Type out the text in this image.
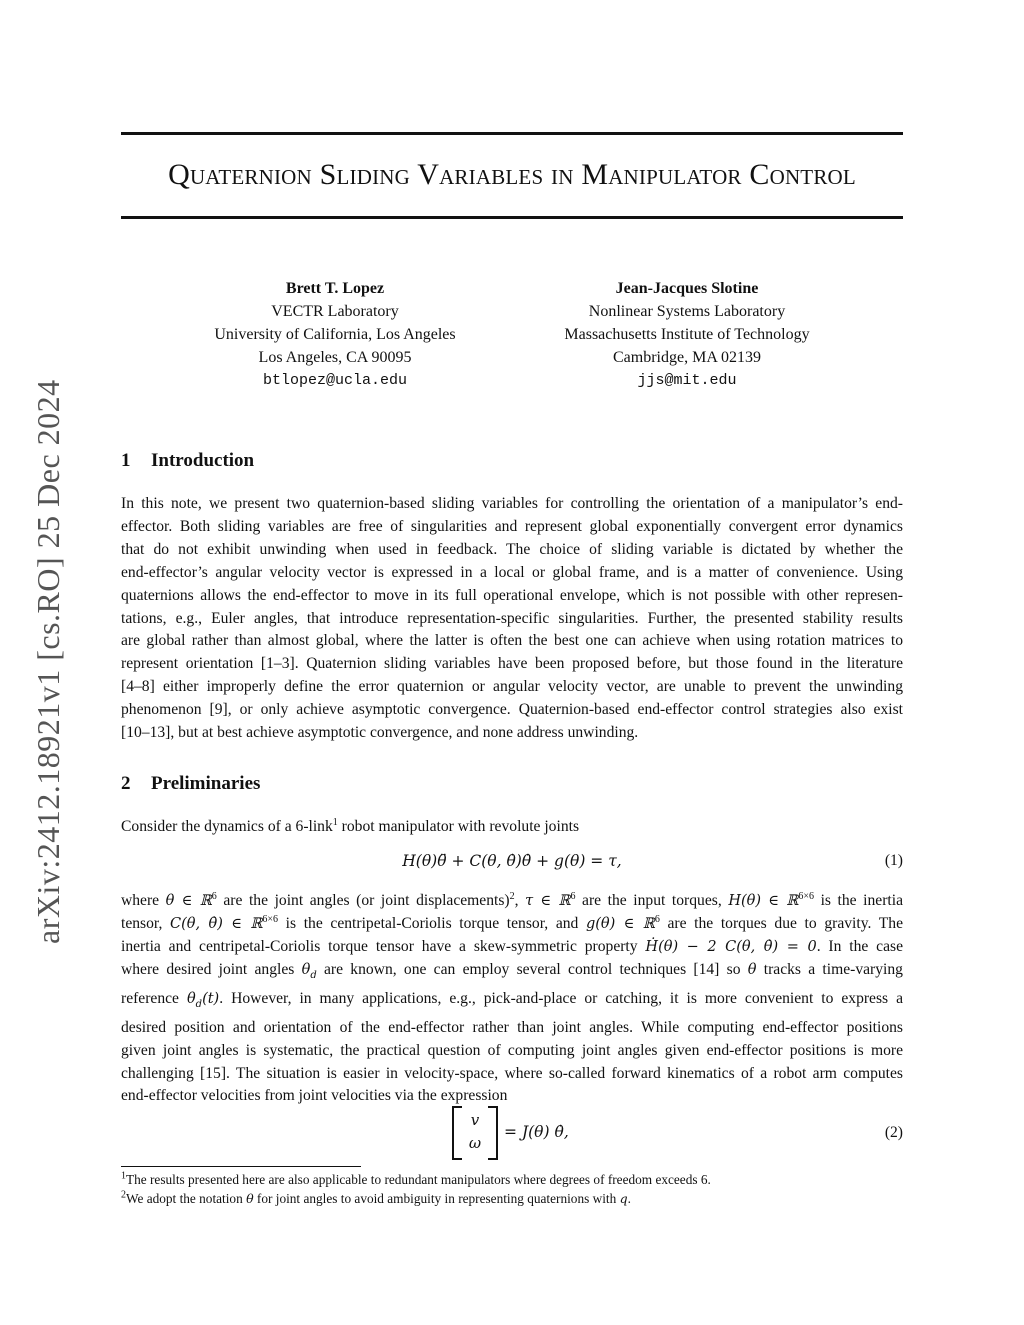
arXiv:2412.18921v1 [cs.RO] 25 Dec 2024
Quaternion Sliding Variables in Manipulator Control
Brett T. Lopez
VECTR Laboratory
University of California, Los Angeles
Los Angeles, CA 90095
btlopez@ucla.edu
Jean-Jacques Slotine
Nonlinear Systems Laboratory
Massachusetts Institute of Technology
Cambridge, MA 02139
jjs@mit.edu
1 Introduction
In this note, we present two quaternion-based sliding variables for controlling the orientation of a manipulator’s end-
effector. Both sliding variables are free of singularities and represent global exponentially convergent error dynamics
that do not exhibit unwinding when used in feedback. The choice of sliding variable is dictated by whether the
end-effector’s angular velocity vector is expressed in a local or global frame, and is a matter of convenience. Using
quaternions allows the end-effector to move in its full operational envelope, which is not possible with other represen-
tations, e.g., Euler angles, that introduce representation-specific singularities. Further, the presented stability results
are global rather than almost global, where the latter is often the best one can achieve when using rotation matrices to
represent orientation [1–3]. Quaternion sliding variables have been proposed before, but those found in the literature
[4–8] either improperly define the error quaternion or angular velocity vector, are unable to prevent the unwinding
phenomenon [9], or only achieve asymptotic convergence. Quaternion-based end-effector control strategies also exist
[10–13], but at best achieve asymptotic convergence, and none address unwinding.
2 Preliminaries
Consider the dynamics of a 6-link$^1$ robot manipulator with revolute joints
H(θ)θ̈ + C(θ, θ̇)θ̇ + g(θ) = τ,	(1)
where θ ∈ ℝ$^6$ are the joint angles (or joint displacements)$^2$, τ ∈ ℝ$^6$ are the input torques, H(θ) ∈ ℝ$^{6\times 6}$ is the inertia
tensor, C(θ, θ̇) ∈ ℝ$^{6\times 6}$ is the centripetal-Coriolis torque tensor, and g(θ) ∈ ℝ$^6$ are the torques due to gravity. The
inertia and centripetal-Coriolis torque tensor have a skew-symmetric property Ḣ(θ) − 2 C(θ, θ̇) = 0. In the case
where desired joint angles $\theta_d$ are known, one can employ several control techniques [14] so θ tracks a time-varying
reference $\theta_d(t)$. However, in many applications, e.g., pick-and-place or catching, it is more convenient to express a
desired position and orientation of the end-effector rather than joint angles. While computing end-effector positions
given joint angles is systematic, the practical question of computing joint angles given end-effector positions is more
challenging [15]. The situation is easier in velocity-space, where so-called forward kinematics of a robot arm computes
end-effector velocities from joint velocities via the expression
v
ω
= J(θ) θ̇,	(2)
$^1$The results presented here are also applicable to redundant manipulators where degrees of freedom exceeds 6.
$^2$We adopt the notation θ for joint angles to avoid ambiguity in representing quaternions with q.
